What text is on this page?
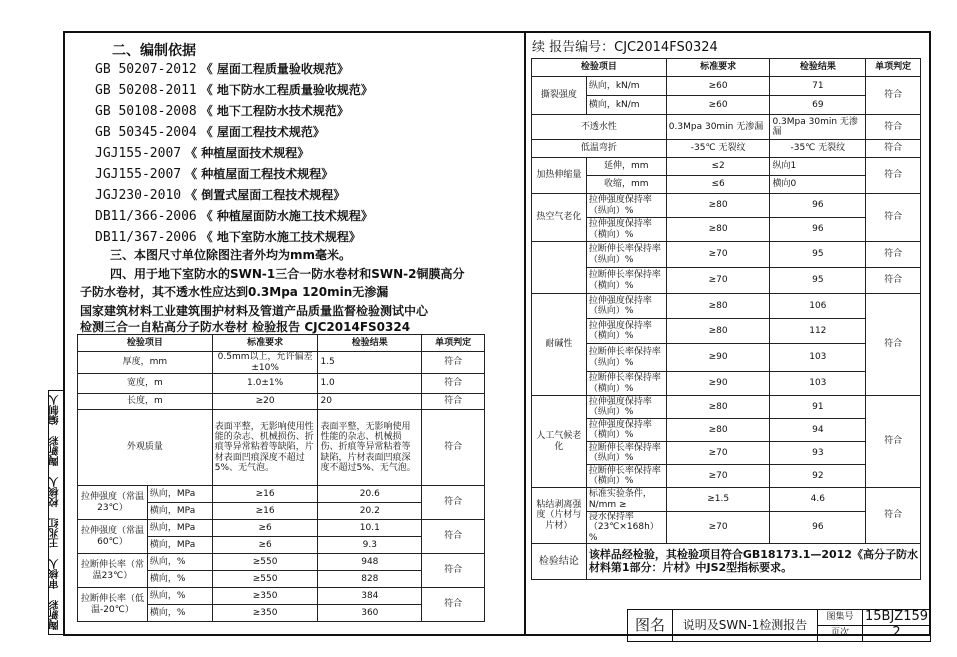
编制人
陶新彩
校核人
王兆红
审核人
陶新彩
二、编制依据
GB 50207-2012 《 屋面工程质量验收规范》
GB 50208-2011 《 地下防水工程质量验收规范》
GB 50108-2008 《 地下工程防水技术规范》
GB 50345-2004 《 屋面工程技术规范》
JGJ155-2007 《 种植屋面技术规程》
JGJ155-2007 《 种植屋面工程技术规程》
JGJ230-2010 《 倒置式屋面工程技术规程》
DB11/366-2006 《 种植屋面防水施工技术规程》
DB11/367-2006 《 地下室防水施工技术规程》
三、本图尺寸单位除图注者外均为mm毫米。
四、用于地下室防水的SWN-1三合一防水卷材和SWN-2铜膜高分
子防水卷材，其不透水性应达到0.3Mpa 120min无渗漏
国家建筑材料工业建筑围护材料及管道产品质量监督检验测试中心
检测三合一自粘高分子防水卷材 检验报告 CJC2014FS0324
检验项目		标准要求	检验结果	单项判定
厚度，mm		0.5mm以上，允许偏差±10%	1.5	符合
宽度，m		1.0±1%	1.0	符合
长度，m		≥20	20	符合
外观质量		表面平整，无影响使用性能的杂志、机械损伤、折痕等异常粘着等缺陷，片材表面凹痕深度不超过5%、无气泡。	表面平整，无影响使用性能的杂志、机械损伤、折痕等异常粘着等缺陷，片材表面凹痕深度不超过5%、无气泡。	符合
拉伸强度（常温23℃）	纵向，MPa	≥16	20.6	符合
	横向，MPa	≥16	20.2	
拉伸强度（常温60℃）	纵向，MPa	≥6	10.1	符合
	横向，MPa	≥6	9.3	
拉断伸长率（常温23℃）	纵向，%	≥550	948	符合
	横向，%	≥550	828	
拉断伸长率（低温-20℃）	纵向，%	≥350	384	符合
	横向，%	≥350	360	
续 报告编号：CJC2014FS0324
检验项目		标准要求	检验结果	单项判定
撕裂强度	纵向，kN/m	≥60	71	符合
	横向，kN/m	≥60	69	
不透水性		0.3Mpa 30min 无渗漏	0.3Mpa 30min 无渗漏	符合
低温弯折		-35℃ 无裂纹	-35℃ 无裂纹	符合
加热伸缩量	延伸，mm	≤2	纵向1	符合
	收缩，mm	≤6	横向0	
热空气老化	拉伸强度保持率（纵向）%	≥80	96	符合
	拉伸强度保持率（横向）%	≥80	96	
	拉断伸长率保持率（纵向）%	≥70	95	符合
	拉断伸长率保持率（横向）%	≥70	95	符合
耐碱性	拉伸强度保持率（纵向）%	≥80	106	符合
	拉伸强度保持率（横向）%	≥80	112	
	拉断伸长率保持率（纵向）%	≥90	103	
	拉断伸长率保持率（横向）%	≥90	103	
人工气候老化	拉伸强度保持率（纵向）%	≥80	91	符合
	拉伸强度保持率（横向）%	≥80	94	
	拉断伸长率保持率（纵向）%	≥70	93	
	拉断伸长率保持率（横向）%	≥70	92	
粘结剥离强度（片材与片材）	标准实验条件，N/mm ≥	≥1.5	4.6	符合
	浸水保持率（23℃×168h）%	≥70	96	
检验结论	该样品经检验，其检验项目符合GB18173.1—2012《高分子防水材料第1部分：片材》中JS2型指标要求。			
图名	说明及SWN-1检测报告	图集号	15BJZ159
		页次	2
